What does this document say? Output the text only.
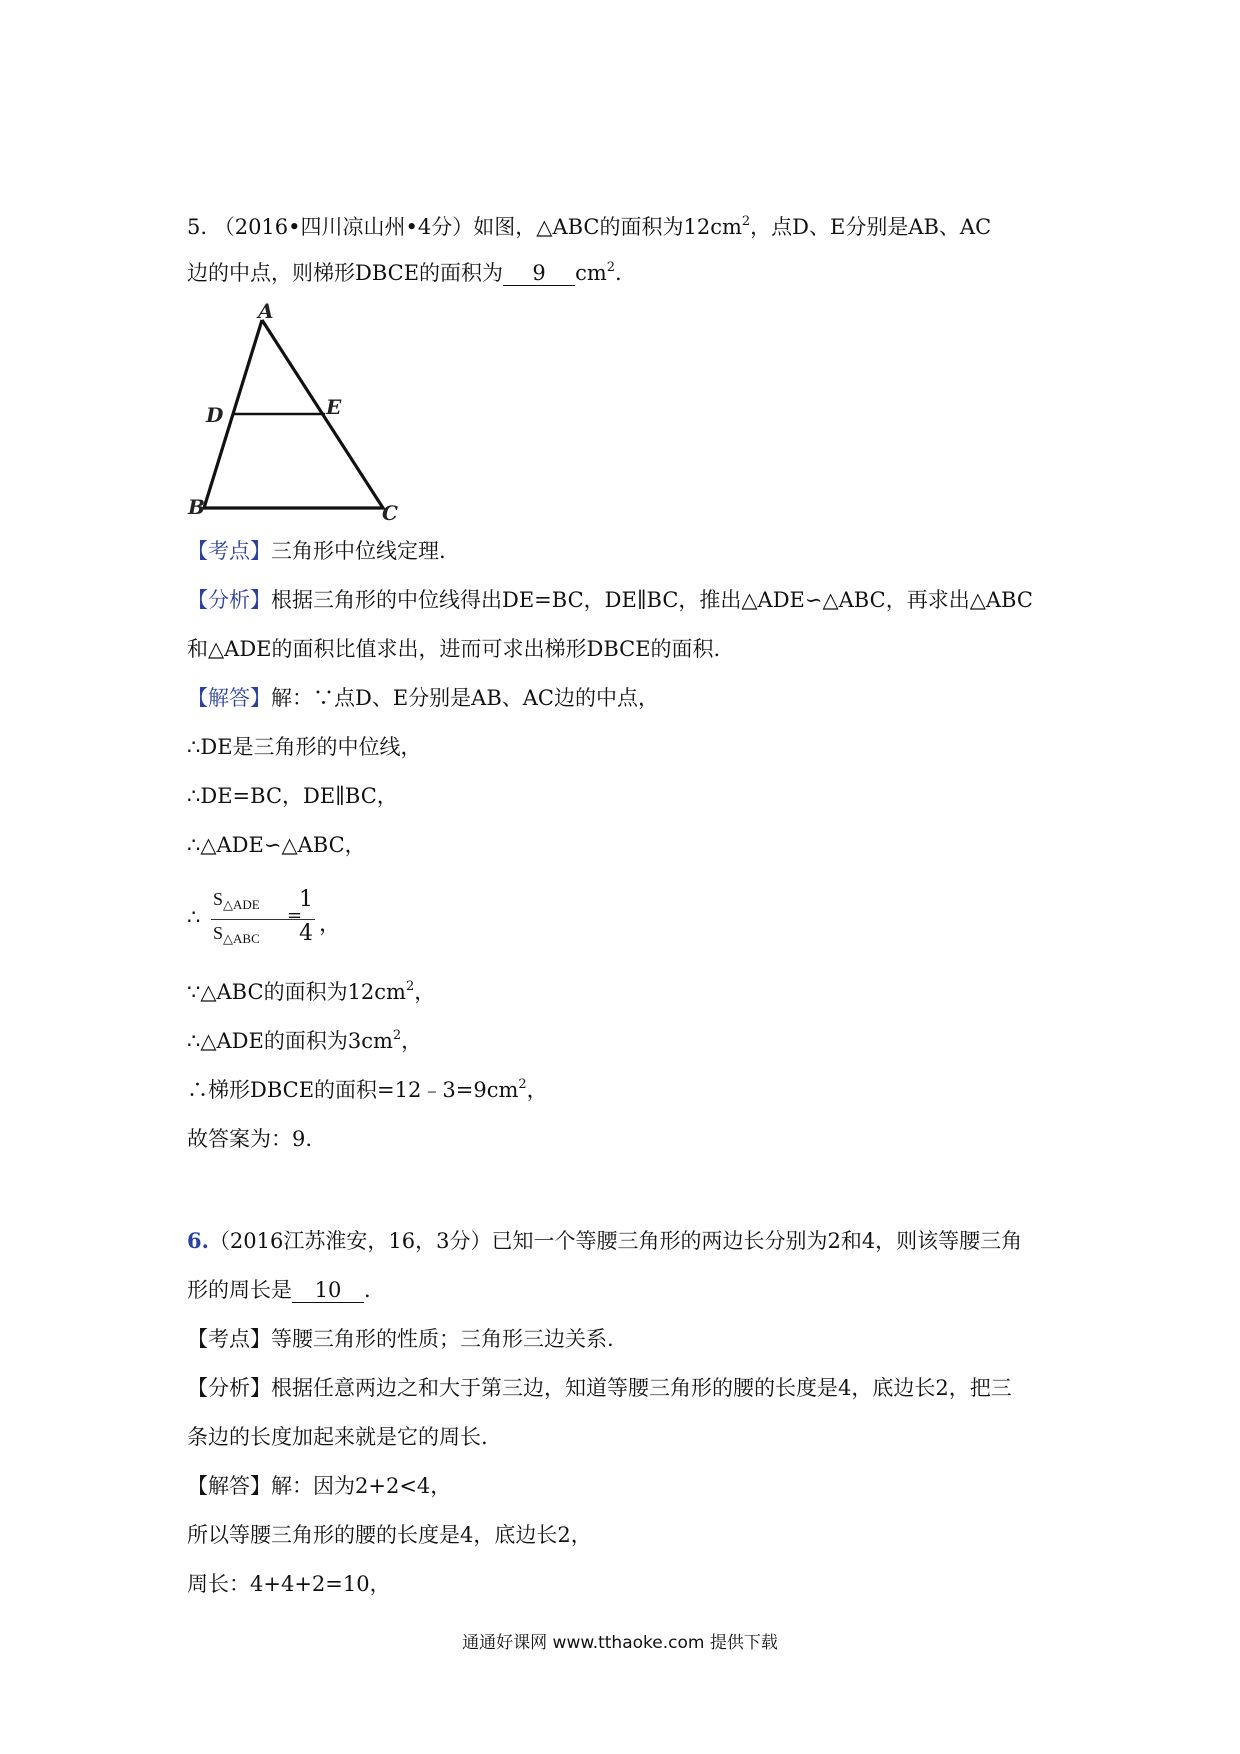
5. （2016•四川凉山州•4分）如图，△ABC的面积为$12cm^2$，点D、E分别是AB、AC
边的中点，则梯形DBCE的面积为 9 $cm^2$.
A
D	E
B	C
【考点】三角形中位线定理.
【分析】根据三角形的中位线得出DE=BC，DE∥BC，推出△ADE∽△ABC，再求出△ABC
和△ADE的面积比值求出，进而可求出梯形DBCE的面积.
【解答】解：∵点D、E分别是AB、AC边的中点，
∴DE是三角形的中位线，
∴DE=BC，DE∥BC，
∴△ADE∽△ABC，
∴
$S_{\triangle ADE}$
$S_{\triangle ABC}$
=
1
4 ，
∵△ABC的面积为$12cm^2$，
∴△ADE的面积为$3cm^2$，
∴梯形DBCE的面积$=12﹣3=9cm^2$，
故答案为：9.
6.（2016江苏淮安，16，3分）已知一个等腰三角形的两边长分别为2和4，则该等腰三角
形的周长是 10 .
【考点】等腰三角形的性质；三角形三边关系.
【分析】根据任意两边之和大于第三边，知道等腰三角形的腰的长度是4，底边长2，把三
条边的长度加起来就是它的周长.
【解答】解：因为2+2<4，
所以等腰三角形的腰的长度是4，底边长2，
周长：4+4+2=10，
通通好课网 www.tthaoke.com 提供下载
